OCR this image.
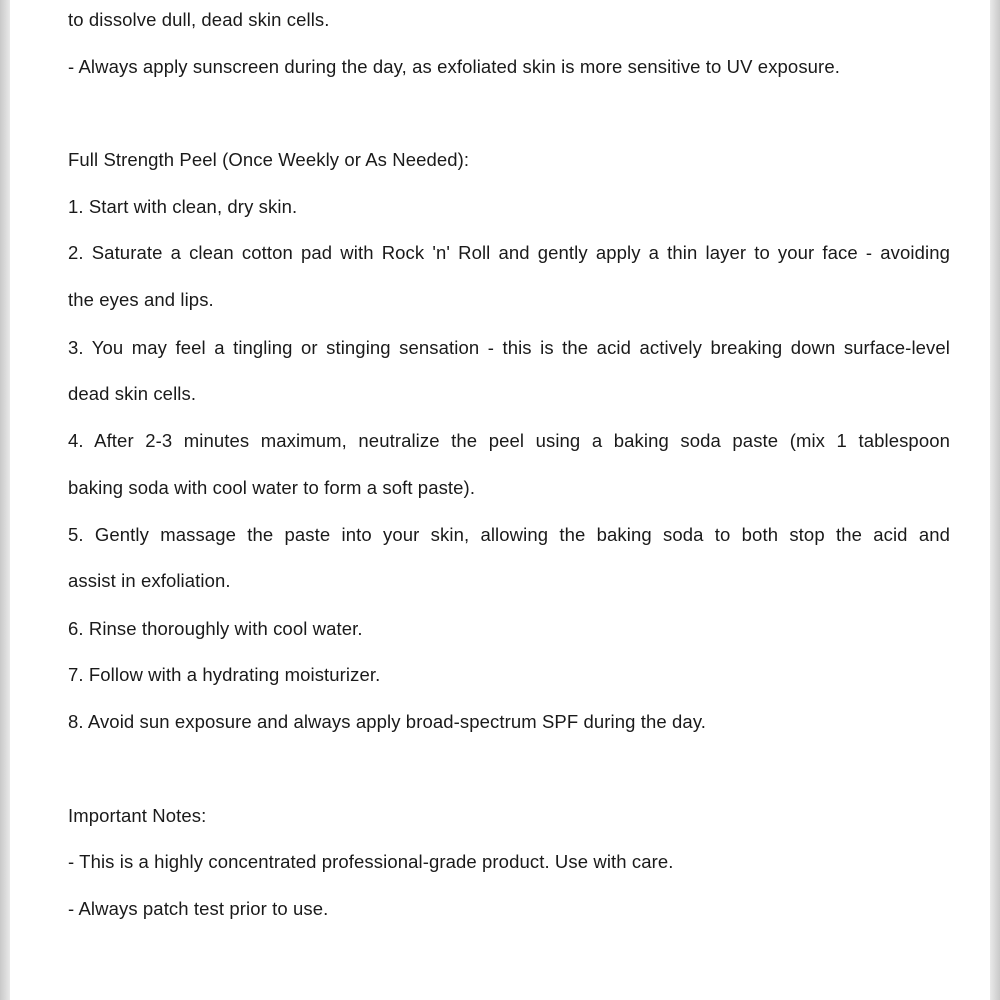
to dissolve dull, dead skin cells.
- Always apply sunscreen during the day, as exfoliated skin is more sensitive to UV exposure.
Full Strength Peel (Once Weekly or As Needed):
1. Start with clean, dry skin.
2. Saturate a clean cotton pad with Rock 'n' Roll and gently apply a thin layer to your face - avoiding
the eyes and lips.
3. You may feel a tingling or stinging sensation - this is the acid actively breaking down surface-level
dead skin cells.
4. After 2-3 minutes maximum, neutralize the peel using a baking soda paste (mix 1 tablespoon
baking soda with cool water to form a soft paste).
5. Gently massage the paste into your skin, allowing the baking soda to both stop the acid and
assist in exfoliation.
6. Rinse thoroughly with cool water.
7. Follow with a hydrating moisturizer.
8. Avoid sun exposure and always apply broad-spectrum SPF during the day.
Important Notes:
- This is a highly concentrated professional-grade product. Use with care.
- Always patch test prior to use.
